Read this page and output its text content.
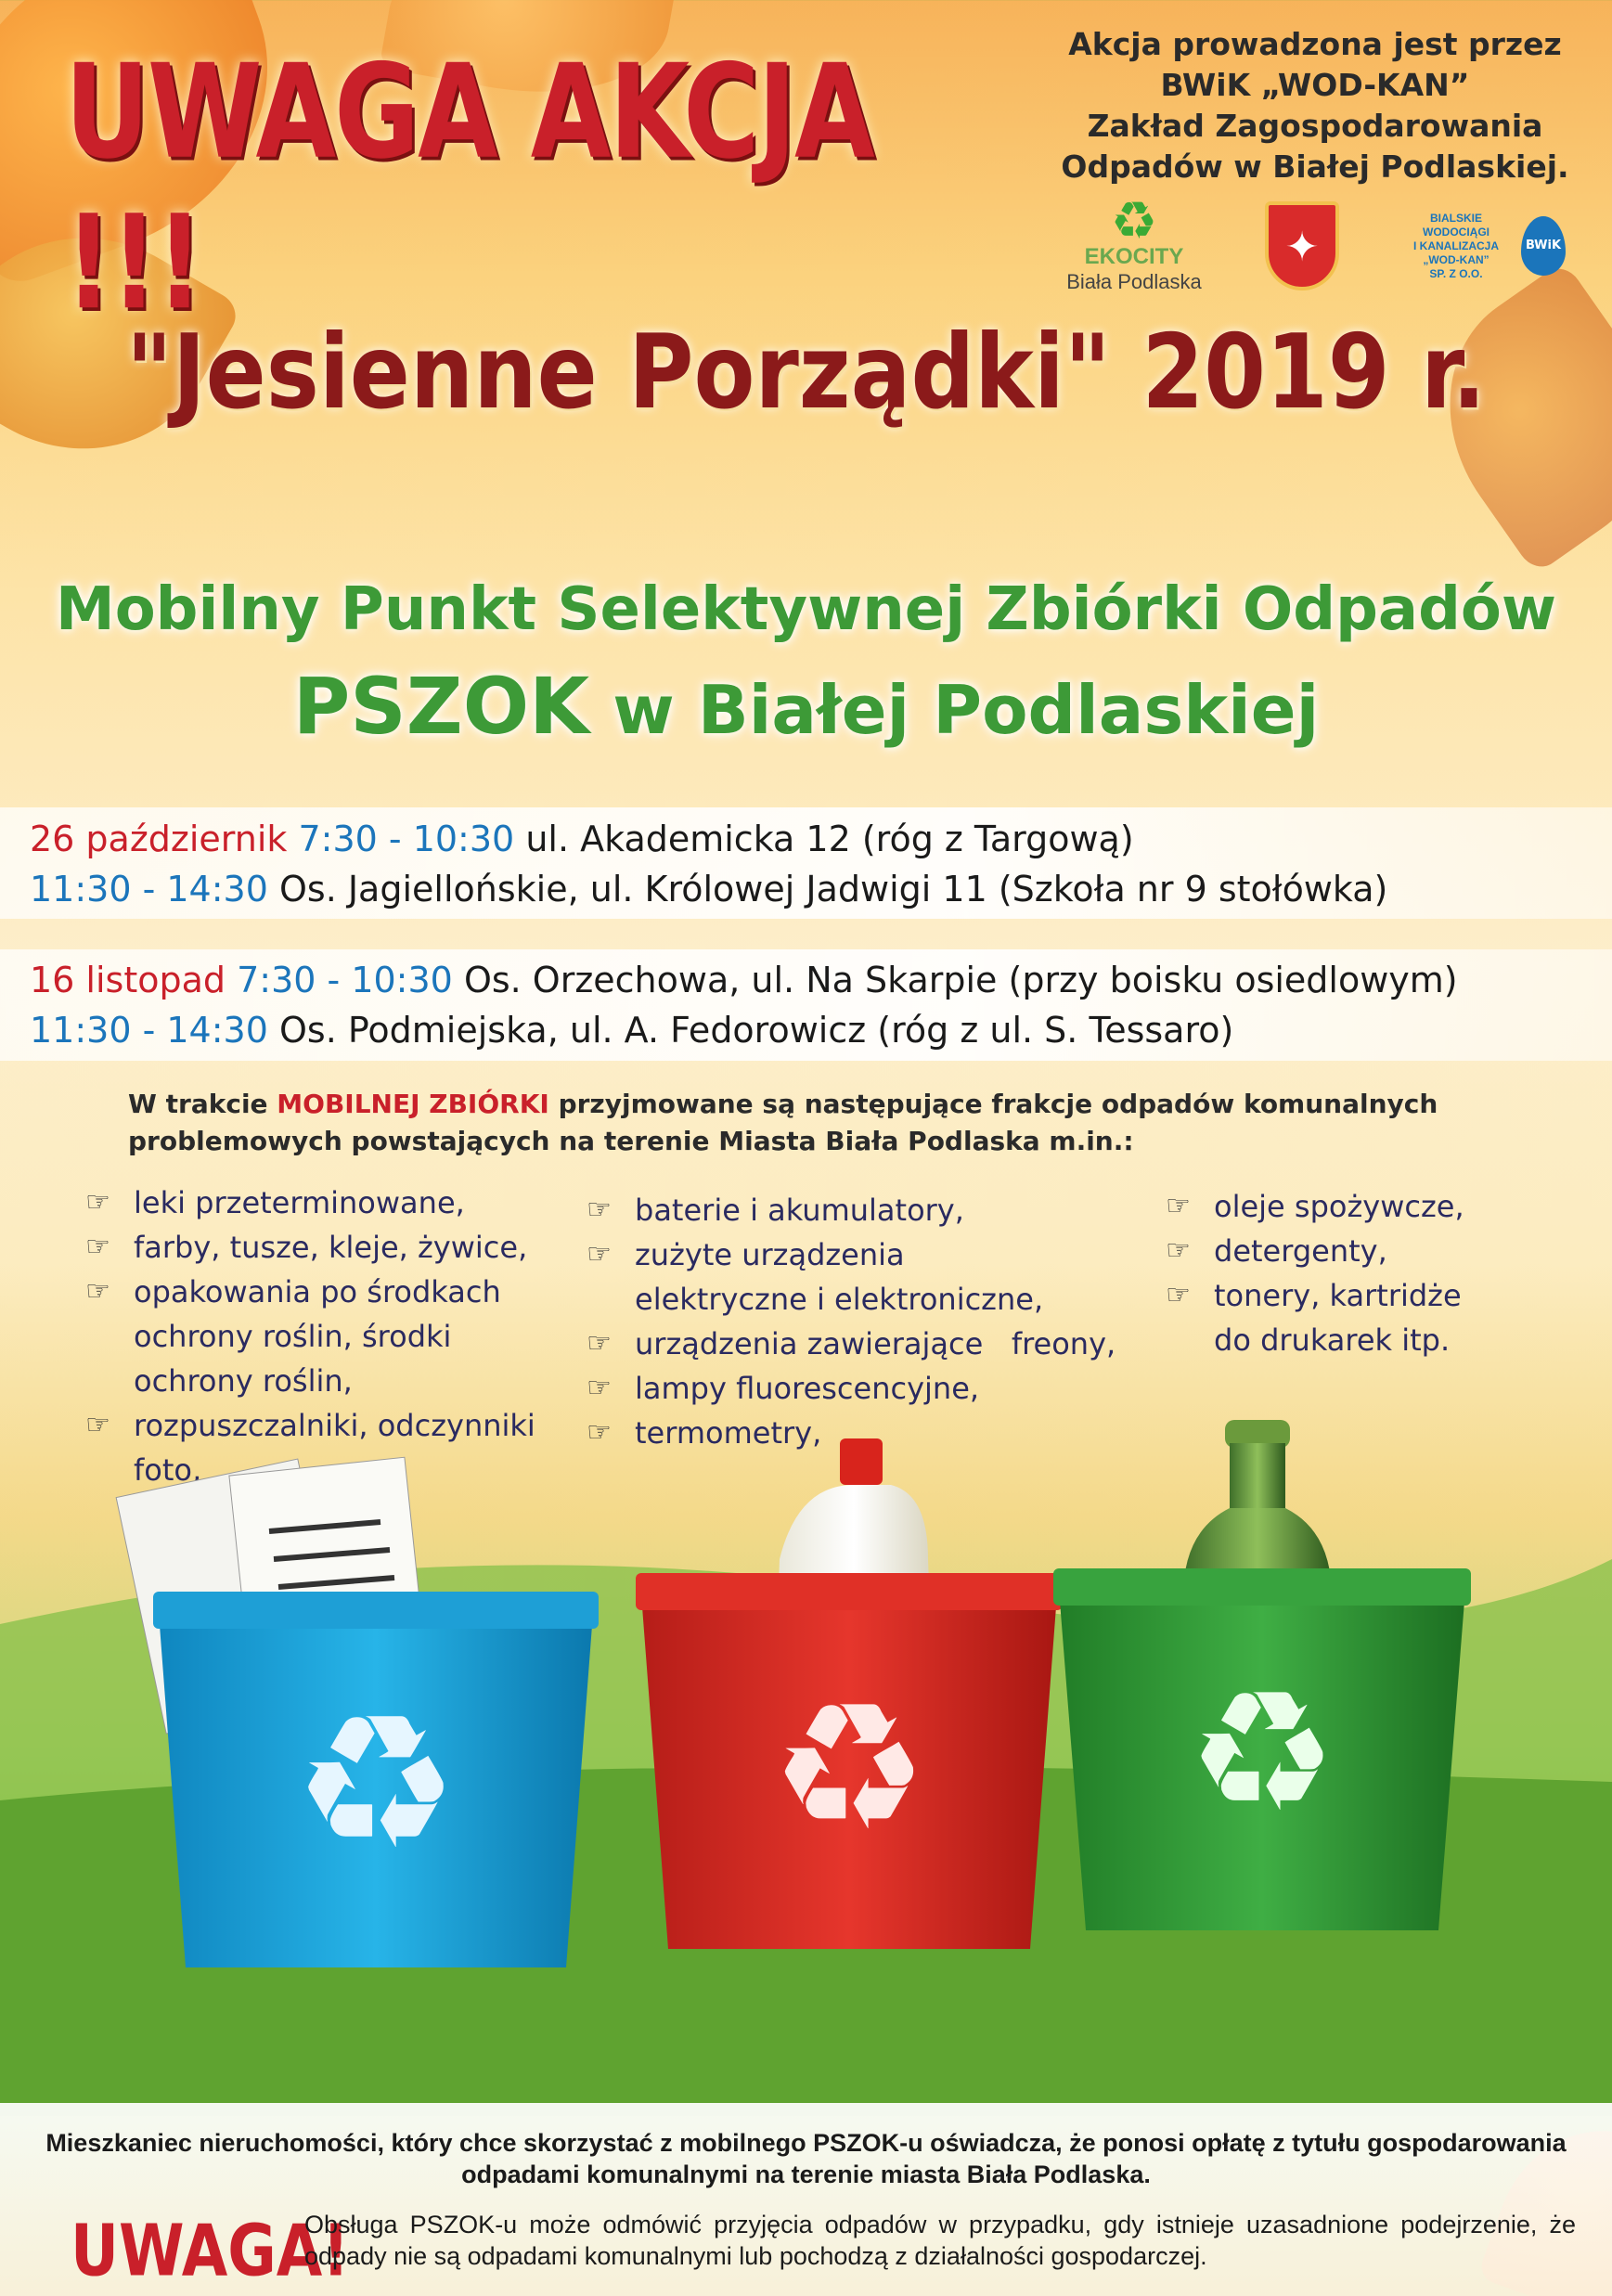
UWAGA AKCJA !!!
Akcja prowadzona jest przez
BWiK „WOD-KAN”
Zakład Zagospodarowania
Odpadów w Białej Podlaskiej.
♻
EKOCITY
Biała Podlaska
✦
BIALSKIE
WODOCIĄGI
I KANALIZACJA
„WOD-KAN”
SP. Z O.O.
BWiK
"Jesienne Porządki" 2019 r.
Mobilny Punkt Selektywnej Zbiórki Odpadów
PSZOK w Białej Podlaskiej
26 październik 7:30 - 10:30 ul. Akademicka 12 (róg z Targową)
11:30 - 14:30 Os. Jagiellońskie, ul. Królowej Jadwigi 11 (Szkoła nr 9 stołówka)
16 listopad 7:30 - 10:30 Os. Orzechowa, ul. Na Skarpie (przy boisku osiedlowym)
11:30 - 14:30 Os. Podmiejska, ul. A. Fedorowicz (róg z ul. S. Tessaro)
W trakcie MOBILNEJ ZBIÓRKI przyjmowane są następujące frakcje odpadów komunalnych
problemowych powstających na terenie Miasta Biała Podlaska m.in.:
☞ leki przeterminowane,
☞ farby, tusze, kleje, żywice,
☞ opakowania po środkach
ochrony roślin, środki
ochrony roślin,
☞ rozpuszczalniki, odczynniki
foto,
☞ baterie i akumulatory,
☞ zużyte urządzenia
elektryczne i elektroniczne,
☞ urządzenia zawierające   freony,
☞ lampy fluorescencyjne,
☞ termometry,
☞ oleje spożywcze,
☞ detergenty,
☞ tonery, kartridże
do drukarek itp.
♻ ♻ ♻
Mieszkaniec nieruchomości, który chce skorzystać z mobilnego PSZOK-u oświadcza, że ponosi opłatę z tytułu gospodarowania odpadami komunalnymi na terenie miasta Biała Podlaska.
UWAGA!
Obsługa PSZOK-u może odmówić przyjęcia odpadów w przypadku, gdy istnieje uzasadnione podejrzenie, że odpady nie są odpadami komunalnymi lub pochodzą z działalności gospodarczej.
